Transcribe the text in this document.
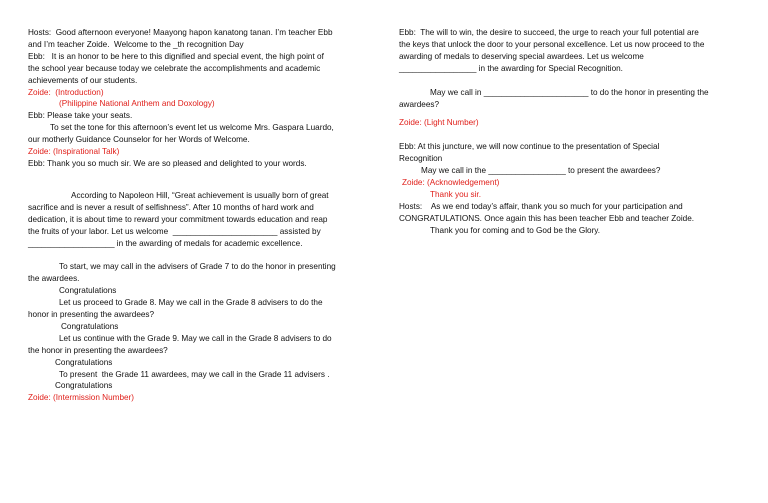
Hosts:  Good afternoon everyone! Maayong hapon kanatong tanan. I’m teacher Ebb
and I’m teacher Zoide.  Welcome to the _th recognition Day
Ebb:   It is an honor to be here to this dignified and special event, the high point of
the school year because today we celebrate the accomplishments and academic
achievements of our students.
Zoide:  (Introduction)
(Philippine National Anthem and Doxology)
Ebb: Please take your seats.
To set the tone for this afternoon’s event let us welcome Mrs. Gaspara Luardo,
our motherly Guidance Counselor for her Words of Welcome.
Zoide: (Inspirational Talk)
Ebb: Thank you so much sir. We are so pleased and delighted to your words.
According to Napoleon Hill, “Great achievement is usually born of great
sacrifice and is never a result of selfishness”. After 10 months of hard work and
dedication, it is about time to reward your commitment towards education and reap
the fruits of your labor. Let us welcome  _______________________ assisted by
___________________ in the awarding of medals for academic excellence.
To start, we may call in the advisers of Grade 7 to do the honor in presenting
the awardees.
Congratulations
Let us proceed to Grade 8. May we call in the Grade 8 advisers to do the
honor in presenting the awardees?
Congratulations
Let us continue with the Grade 9. May we call in the Grade 8 advisers to do
the honor in presenting the awardees?
Congratulations
To present  the Grade 11 awardees, may we call in the Grade 11 advisers .
Congratulations
Zoide: (Intermission Number)
Ebb:  The will to win, the desire to succeed, the urge to reach your full potential are
the keys that unlock the door to your personal excellence. Let us now proceed to the
awarding of medals to deserving special awardees. Let us welcome
_________________ in the awarding for Special Recognition.
May we call in _______________________ to do the honor in presenting the
awardees?
Zoide: (Light Number)
Ebb: At this juncture, we will now continue to the presentation of Special
Recognition
May we call in the _________________ to present the awardees?
Zoide: (Acknowledgement)
Thank you sir.
Hosts:    As we end today’s affair, thank you so much for your participation and
CONGRATULATIONS. Once again this has been teacher Ebb and teacher Zoide.
Thank you for coming and to God be the Glory.
